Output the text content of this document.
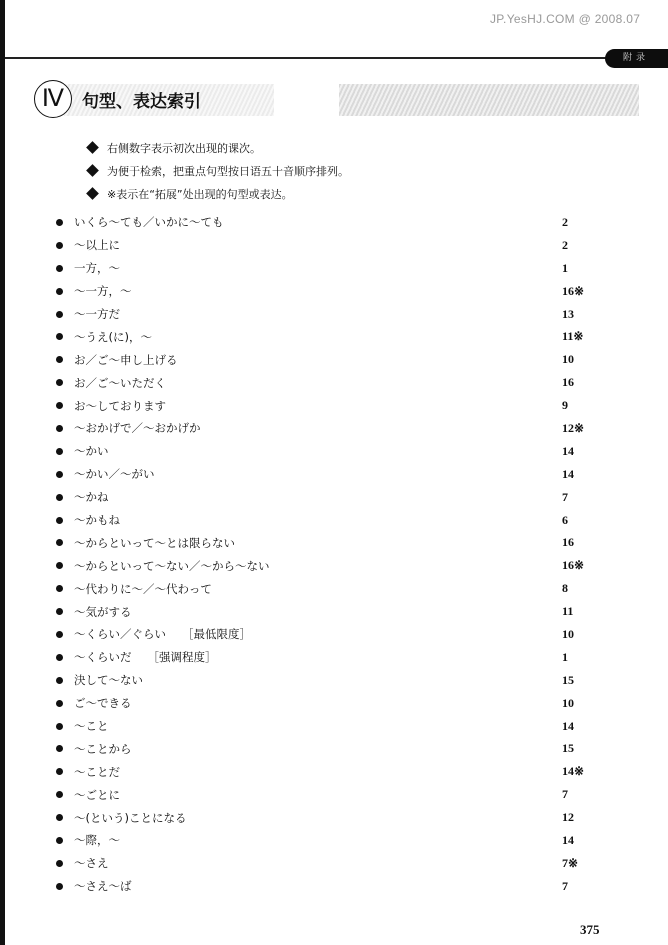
JP.YesHJ.COM @ 2008.07
附录
Ⅳ	句型、表达索引
右侧数字表示初次出现的课次。
为便于检索，把重点句型按日语五十音顺序排列。
※表示在“拓展”处出现的句型或表达。
いくら～ても／いかに～ても	2
～以上に	2
一方，～	1
～一方，～	16※
～一方だ	13
～うえ(に)，～	11※
お／ご～申し上げる	10
お／ご～いただく	16
お～しております	9
～おかげで／～おかげか	12※
～かい	14
～かい／～がい	14
～かね	7
～かもね	6
～からといって～とは限らない	16
～からといって～ない／～から～ない	16※
～代わりに～／～代わって	8
～気がする	11
～くらい／ぐらい ［最低限度］	10
～くらいだ ［强调程度］	1
決して～ない	15
ご～できる	10
～こと	14
～ことから	15
～ことだ	14※
～ごとに	7
～(という)ことになる	12
～際，～	14
～さえ	7※
～さえ～ば	7
375
